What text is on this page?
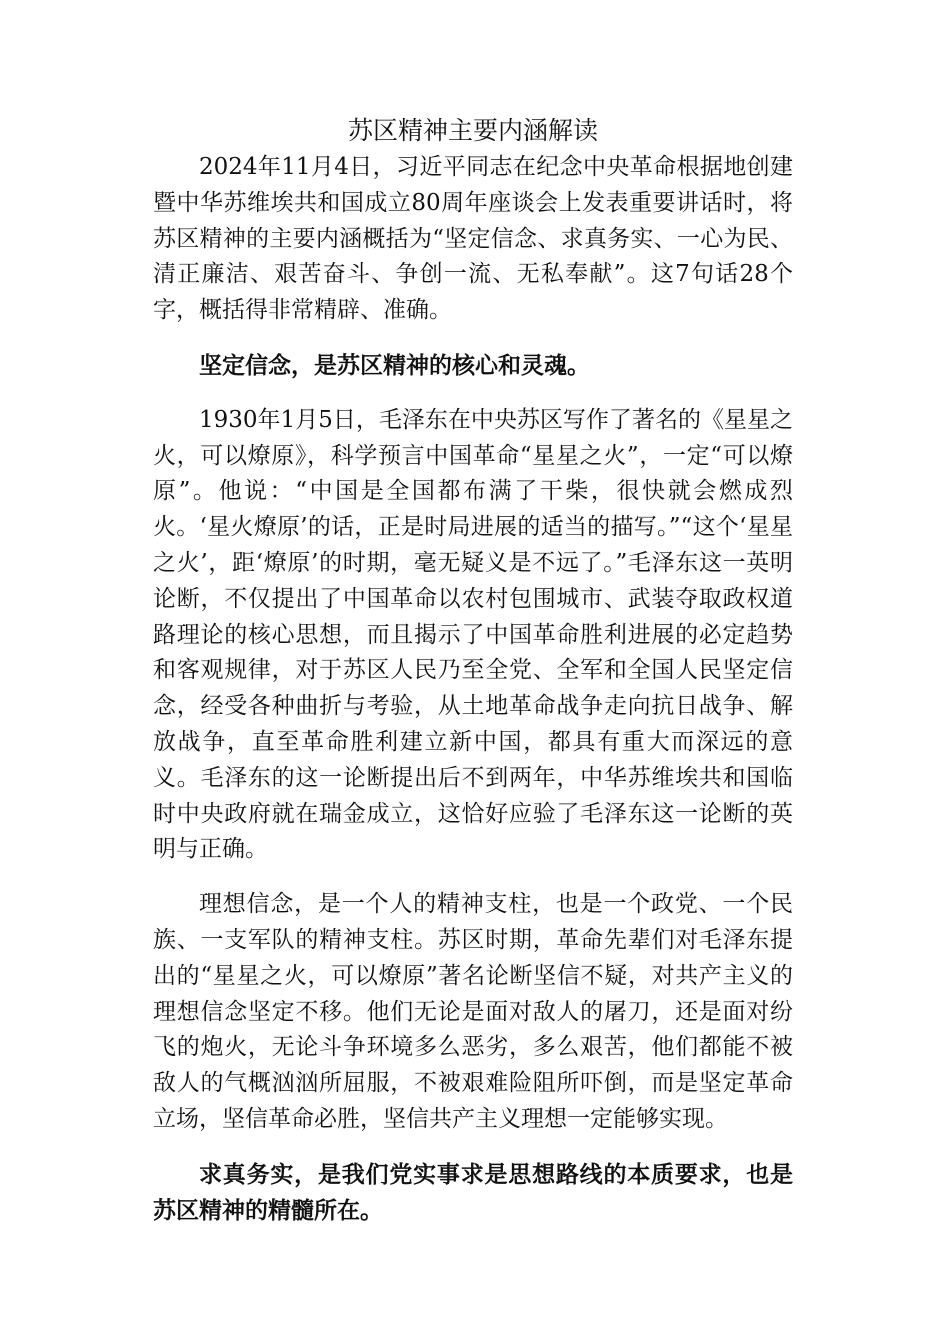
苏区精神主要内涵解读

2024年11月4日，习近平同志在纪念中央革命根据地创建暨中华苏维埃共和国成立80周年座谈会上发表重要讲话时，将苏区精神的主要内涵概括为“坚定信念、求真务实、一心为民、清正廉洁、艰苦奋斗、争创一流、无私奉献”。这7句话28个字，概括得非常精辟、准确。

坚定信念，是苏区精神的核心和灵魂。

1930年1月5日，毛泽东在中央苏区写作了著名的《星星之火，可以燎原》，科学预言中国革命“星星之火”，一定“可以燎原”。他说：“中国是全国都布满了干柴，很快就会燃成烈火。‘星火燎原’的话，正是时局进展的适当的描写。”“这个‘星星之火’，距‘燎原’的时期，毫无疑义是不远了。”毛泽东这一英明论断，不仅提出了中国革命以农村包围城市、武装夺取政权道路理论的核心思想，而且揭示了中国革命胜利进展的必定趋势和客观规律，对于苏区人民乃至全党、全军和全国人民坚定信念，经受各种曲折与考验，从土地革命战争走向抗日战争、解放战争，直至革命胜利建立新中国，都具有重大而深远的意义。毛泽东的这一论断提出后不到两年，中华苏维埃共和国临时中央政府就在瑞金成立，这恰好应验了毛泽东这一论断的英明与正确。

理想信念，是一个人的精神支柱，也是一个政党、一个民族、一支军队的精神支柱。苏区时期，革命先辈们对毛泽东提出的“星星之火，可以燎原”著名论断坚信不疑，对共产主义的理想信念坚定不移。他们无论是面对敌人的屠刀，还是面对纷飞的炮火，无论斗争环境多么恶劣，多么艰苦，他们都能不被敌人的气概汹汹所屈服，不被艰难险阻所吓倒，而是坚定革命立场，坚信革命必胜，坚信共产主义理想一定能够实现。

求真务实，是我们党实事求是思想路线的本质要求，也是苏区精神的精髓所在。
